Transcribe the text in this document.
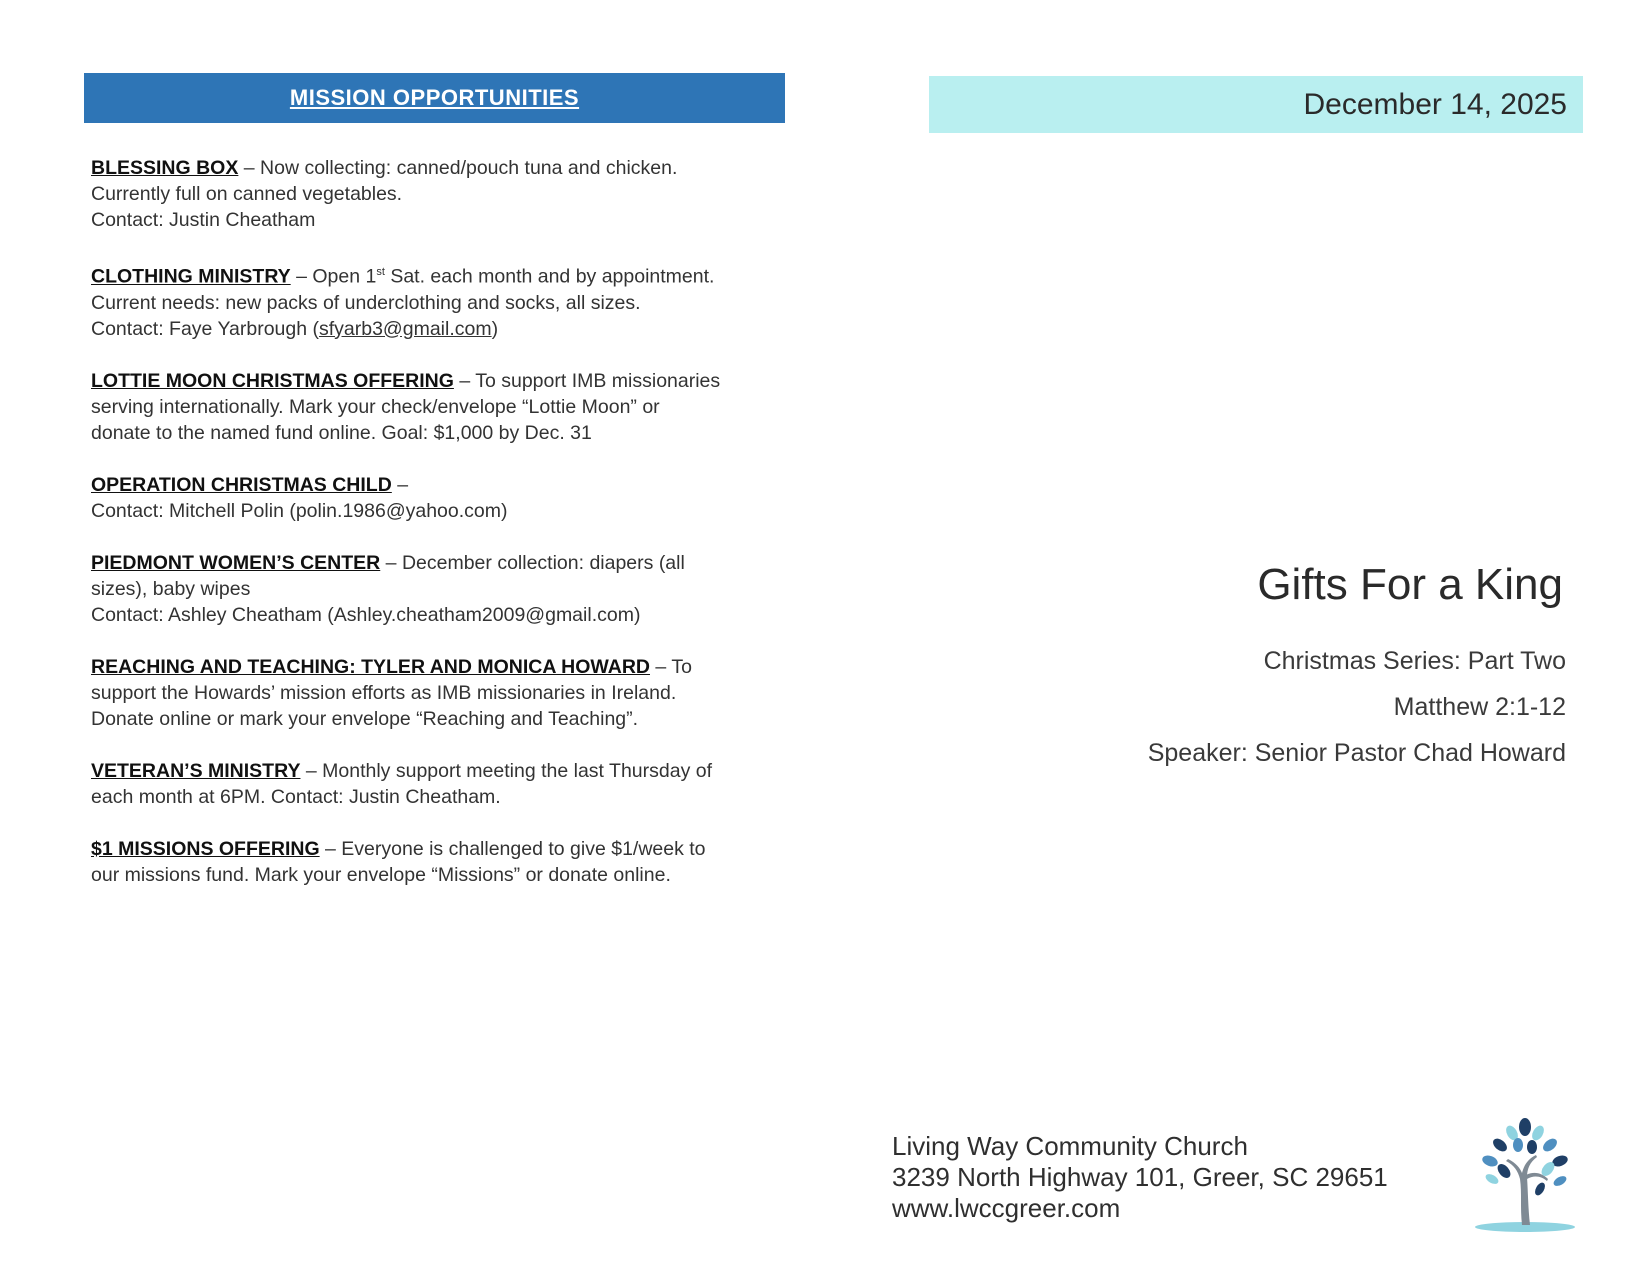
MISSION OPPORTUNITIES
BLESSING BOX – Now collecting: canned/pouch tuna and chicken.
Currently full on canned vegetables.
Contact: Justin Cheatham
CLOTHING MINISTRY – Open 1st Sat. each month and by appointment.
Current needs: new packs of underclothing and socks, all sizes.
Contact: Faye Yarbrough (sfyarb3@gmail.com)
LOTTIE MOON CHRISTMAS OFFERING – To support IMB missionaries
serving internationally. Mark your check/envelope “Lottie Moon” or
donate to the named fund online. Goal: $1,000 by Dec. 31
OPERATION CHRISTMAS CHILD –
Contact: Mitchell Polin (polin.1986@yahoo.com)
PIEDMONT WOMEN’S CENTER – December collection: diapers (all
sizes), baby wipes
Contact: Ashley Cheatham (Ashley.cheatham2009@gmail.com)
REACHING AND TEACHING: TYLER AND MONICA HOWARD – To
support the Howards’ mission efforts as IMB missionaries in Ireland.
Donate online or mark your envelope “Reaching and Teaching”.
VETERAN’S MINISTRY – Monthly support meeting the last Thursday of
each month at 6PM. Contact: Justin Cheatham.
$1 MISSIONS OFFERING – Everyone is challenged to give $1/week to
our missions fund. Mark your envelope “Missions” or donate online.
December 14, 2025
Gifts For a King
Christmas Series: Part Two
Matthew 2:1-12
Speaker: Senior Pastor Chad Howard
Living Way Community Church
3239 North Highway 101, Greer, SC 29651
www.lwccgreer.com
